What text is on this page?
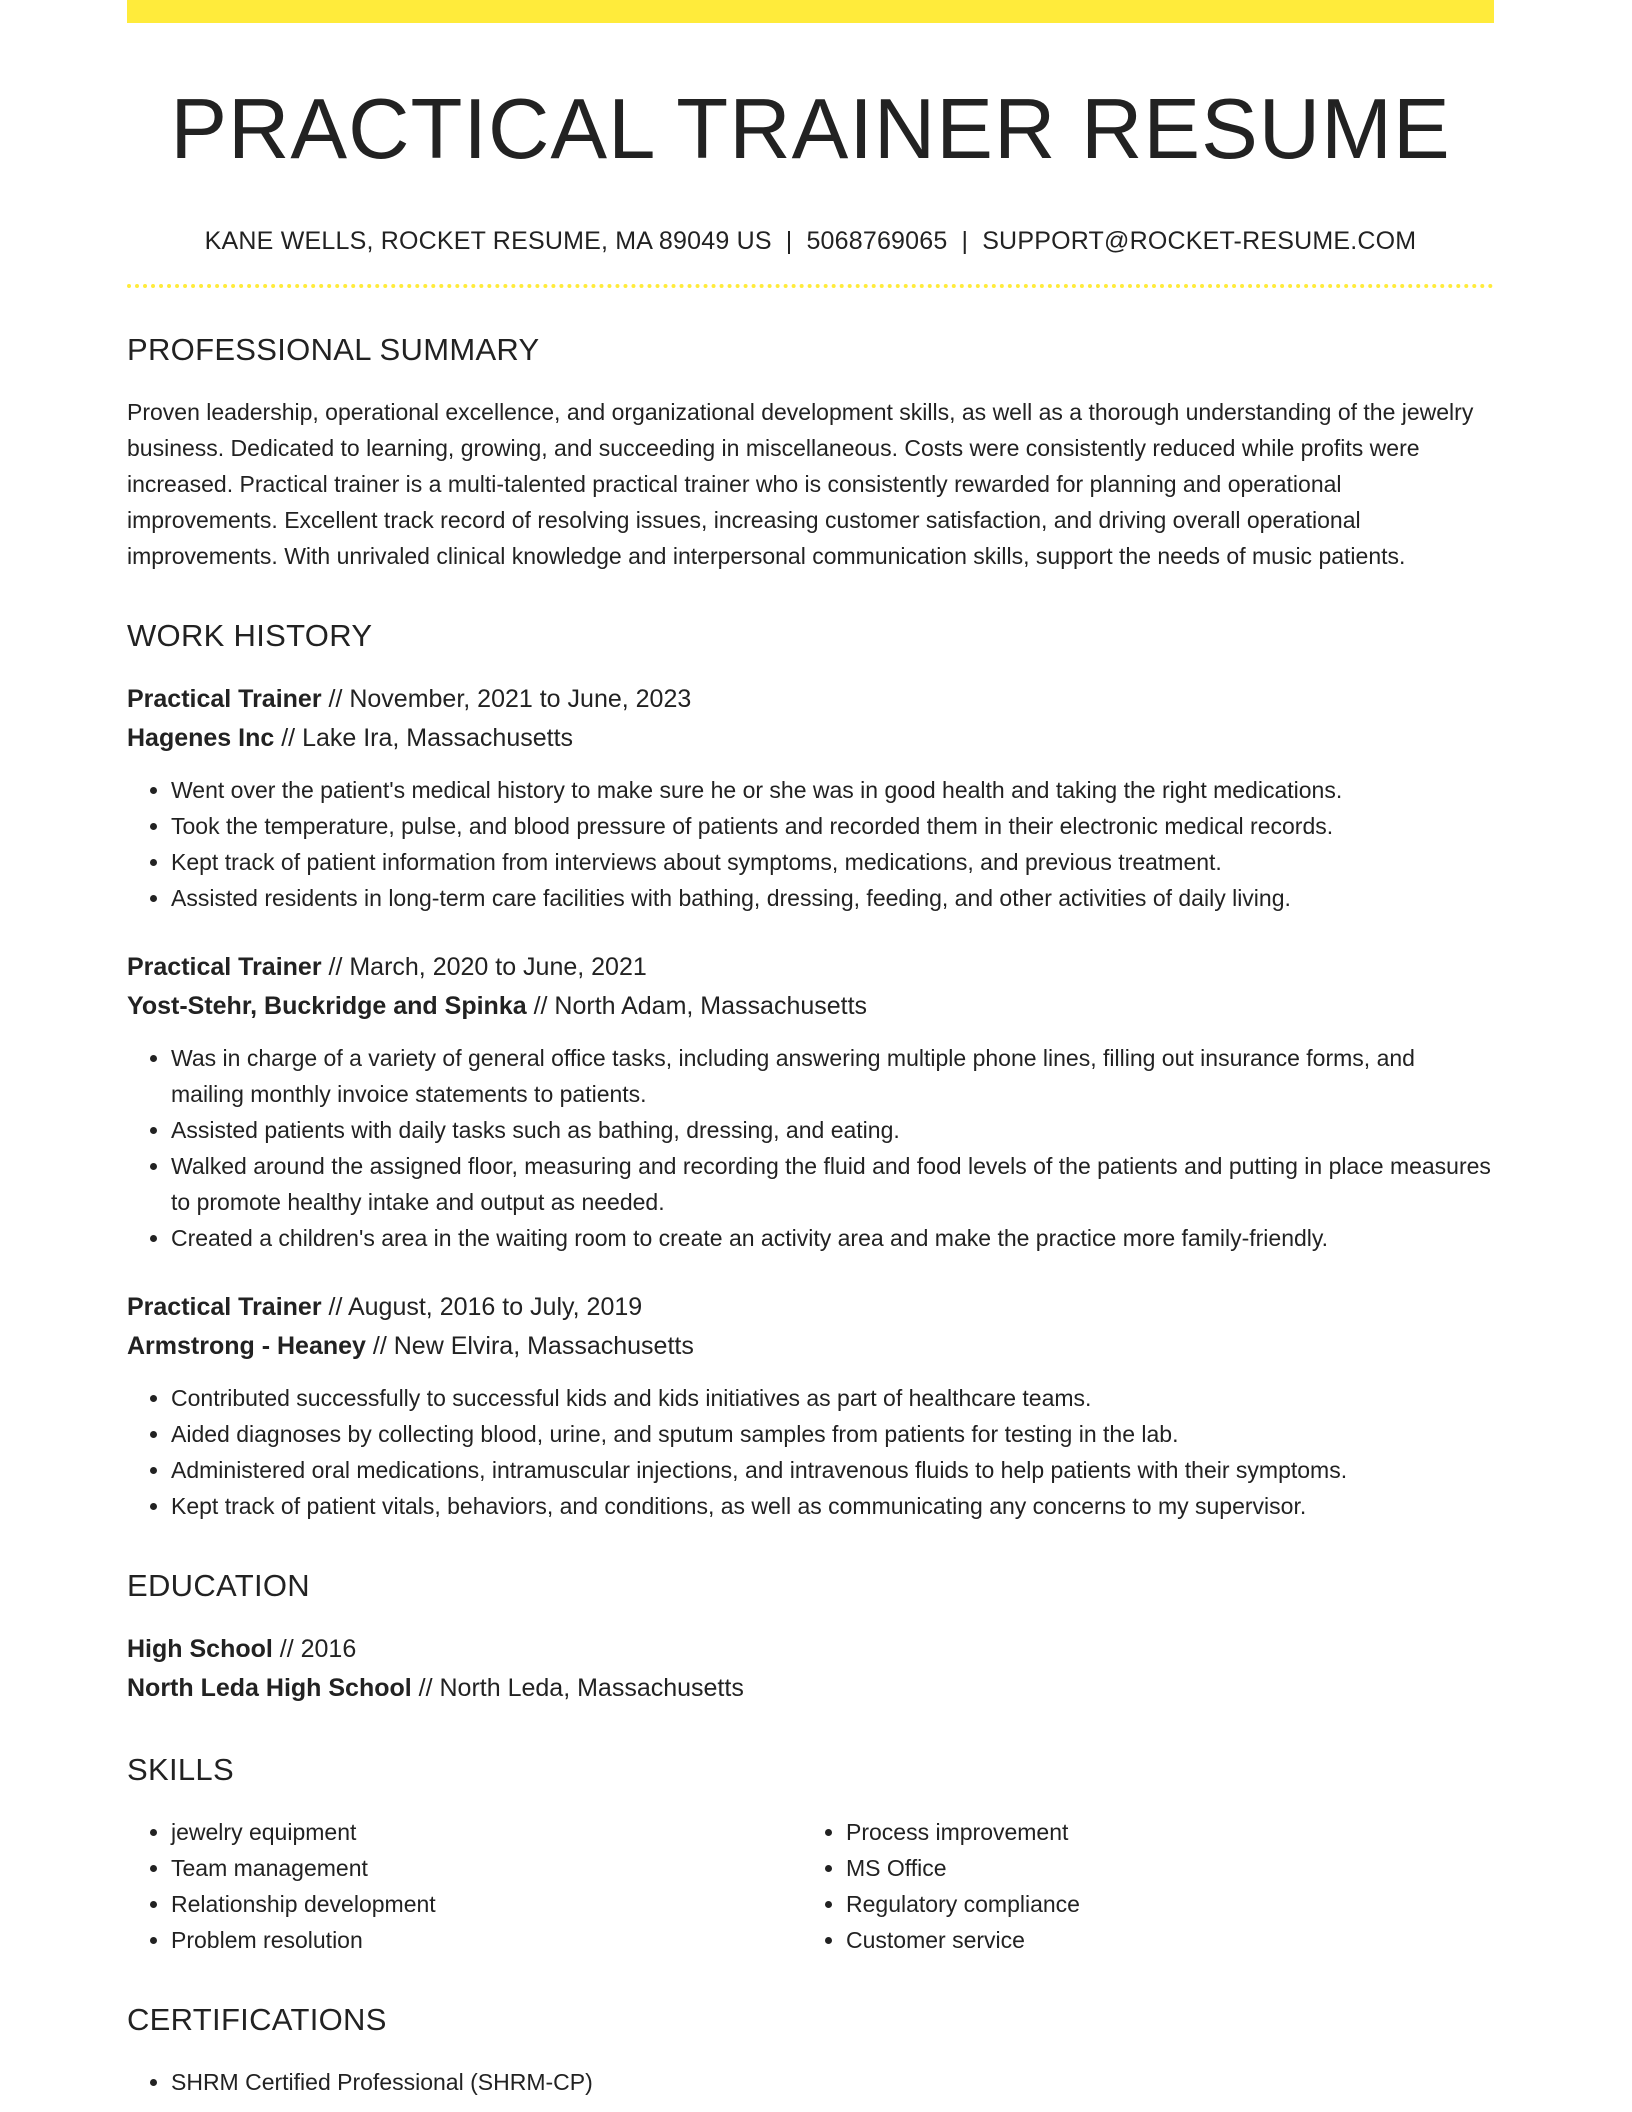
PRACTICAL TRAINER RESUME
KANE WELLS, ROCKET RESUME, MA 89049 US | 5068769065 | SUPPORT@ROCKET-RESUME.COM
PROFESSIONAL SUMMARY

Proven leadership, operational excellence, and organizational development skills, as well as a thorough understanding of the jewelry business. Dedicated to learning, growing, and succeeding in miscellaneous. Costs were consistently reduced while profits were increased. Practical trainer is a multi-talented practical trainer who is consistently rewarded for planning and operational improvements. Excellent track record of resolving issues, increasing customer satisfaction, and driving overall operational improvements. With unrivaled clinical knowledge and interpersonal communication skills, support the needs of music patients.

WORK HISTORY
Practical Trainer // November, 2021 to June, 2023
Hagenes Inc // Lake Ira, Massachusetts
• Went over the patient's medical history to make sure he or she was in good health and taking the right medications.
• Took the temperature, pulse, and blood pressure of patients and recorded them in their electronic medical records.
• Kept track of patient information from interviews about symptoms, medications, and previous treatment.
• Assisted residents in long-term care facilities with bathing, dressing, feeding, and other activities of daily living.
Practical Trainer // March, 2020 to June, 2021
Yost-Stehr, Buckridge and Spinka // North Adam, Massachusetts
• Was in charge of a variety of general office tasks, including answering multiple phone lines, filling out insurance forms, and mailing monthly invoice statements to patients.
• Assisted patients with daily tasks such as bathing, dressing, and eating.
• Walked around the assigned floor, measuring and recording the fluid and food levels of the patients and putting in place measures to promote healthy intake and output as needed.
• Created a children's area in the waiting room to create an activity area and make the practice more family-friendly.
Practical Trainer // August, 2016 to July, 2019
Armstrong - Heaney // New Elvira, Massachusetts
• Contributed successfully to successful kids and kids initiatives as part of healthcare teams.
• Aided diagnoses by collecting blood, urine, and sputum samples from patients for testing in the lab.
• Administered oral medications, intramuscular injections, and intravenous fluids to help patients with their symptoms.
• Kept track of patient vitals, behaviors, and conditions, as well as communicating any concerns to my supervisor.
EDUCATION
High School // 2016
North Leda High School // North Leda, Massachusetts
SKILLS
• jewelry equipment
• Team management
• Relationship development
• Problem resolution
• Process improvement
• MS Office
• Regulatory compliance
• Customer service
CERTIFICATIONS
• SHRM Certified Professional (SHRM-CP)
